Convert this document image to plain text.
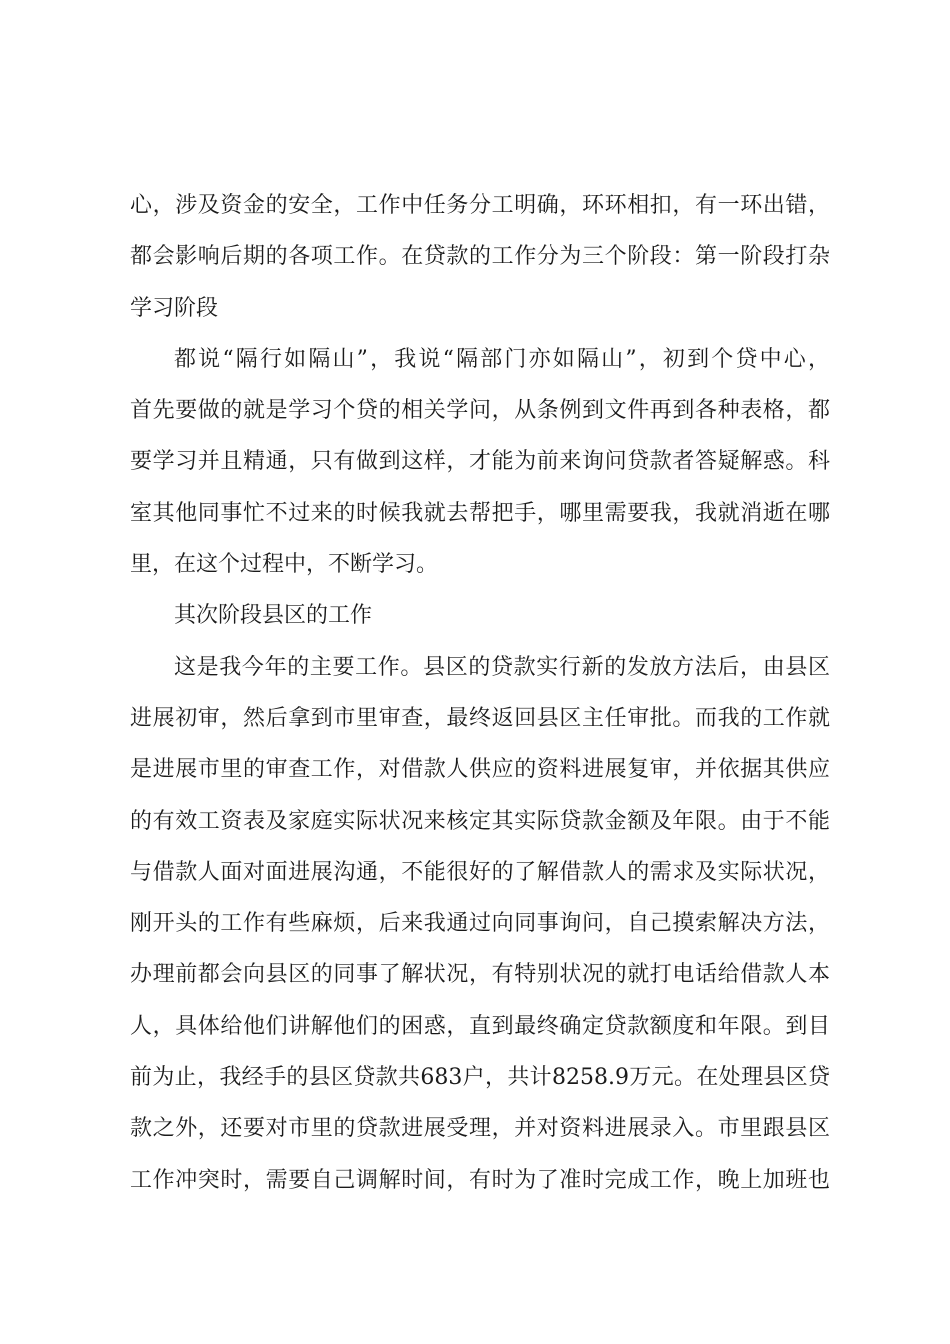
心，涉及资金的安全，工作中任务分工明确，环环相扣，有一环出错，
都会影响后期的各项工作。在贷款的工作分为三个阶段：第一阶段打杂
学习阶段
都说“隔行如隔山”，我说“隔部门亦如隔山”，初到个贷中心，
首先要做的就是学习个贷的相关学问，从条例到文件再到各种表格，都
要学习并且精通，只有做到这样，才能为前来询问贷款者答疑解惑。科
室其他同事忙不过来的时候我就去帮把手，哪里需要我，我就消逝在哪
里，在这个过程中，不断学习。
其次阶段县区的工作
这是我今年的主要工作。县区的贷款实行新的发放方法后，由县区
进展初审，然后拿到市里审查，最终返回县区主任审批。而我的工作就
是进展市里的审查工作，对借款人供应的资料进展复审，并依据其供应
的有效工资表及家庭实际状况来核定其实际贷款金额及年限。由于不能
与借款人面对面进展沟通，不能很好的了解借款人的需求及实际状况，
刚开头的工作有些麻烦，后来我通过向同事询问，自己摸索解决方法，
办理前都会向县区的同事了解状况，有特别状况的就打电话给借款人本
人，具体给他们讲解他们的困惑，直到最终确定贷款额度和年限。到目
前为止，我经手的县区贷款共683户，共计8258.9万元。在处理县区贷
款之外，还要对市里的贷款进展受理，并对资料进展录入。市里跟县区
工作冲突时，需要自己调解时间，有时为了准时完成工作，晚上加班也
